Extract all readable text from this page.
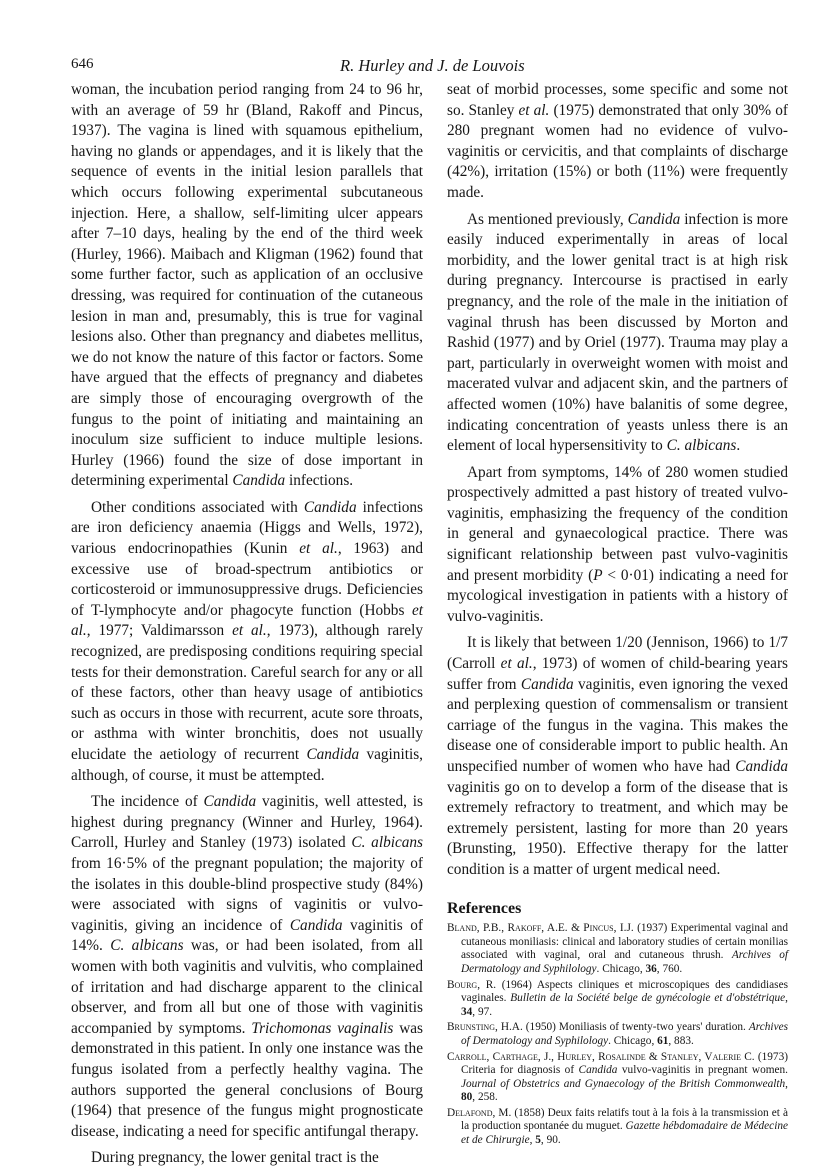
646	R. Hurley and J. de Louvois

woman, the incubation period ranging from 24 to 96 hr, with an average of 59 hr (Bland, Rakoff and Pincus, 1937). The vagina is lined with squamous epithelium, having no glands or appendages, and it is likely that the sequence of events in the initial lesion parallels that which occurs following experimental subcutaneous injection. Here, a shallow, self-limiting ulcer appears after 7–10 days, healing by the end of the third week (Hurley, 1966). Maibach and Kligman (1962) found that some further factor, such as application of an occlusive dressing, was required for continuation of the cutaneous lesion in man and, presumably, this is true for vaginal lesions also. Other than pregnancy and diabetes mellitus, we do not know the nature of this factor or factors. Some have argued that the effects of pregnancy and diabetes are simply those of encouraging overgrowth of the fungus to the point of initiating and maintaining an inoculum size sufficient to induce multiple lesions. Hurley (1966) found the size of dose important in determining experimental Candida infections.

Other conditions associated with Candida infections are iron deficiency anaemia (Higgs and Wells, 1972), various endocrinopathies (Kunin et al., 1963) and excessive use of broad-spectrum antibiotics or corticosteroid or immunosuppressive drugs. Deficiencies of T-lymphocyte and/or phagocyte function (Hobbs et al., 1977; Valdimarsson et al., 1973), although rarely recognized, are predisposing conditions requiring special tests for their demonstration. Careful search for any or all of these factors, other than heavy usage of antibiotics such as occurs in those with recurrent, acute sore throats, or asthma with winter bronchitis, does not usually elucidate the aetiology of recurrent Candida vaginitis, although, of course, it must be attempted.

The incidence of Candida vaginitis, well attested, is highest during pregnancy (Winner and Hurley, 1964). Carroll, Hurley and Stanley (1973) isolated C. albicans from 16·5% of the pregnant population; the majority of the isolates in this double-blind prospective study (84%) were associated with signs of vaginitis or vulvo-vaginitis, giving an incidence of Candida vaginitis of 14%. C. albicans was, or had been isolated, from all women with both vaginitis and vulvitis, who complained of irritation and had discharge apparent to the clinical observer, and from all but one of those with vaginitis accompanied by symptoms. Trichomonas vaginalis was demonstrated in this patient. In only one instance was the fungus isolated from a perfectly healthy vagina. The authors supported the general conclusions of Bourg (1964) that presence of the fungus might prognosticate disease, indicating a need for specific antifungal therapy.

During pregnancy, the lower genital tract is the

seat of morbid processes, some specific and some not so. Stanley et al. (1975) demonstrated that only 30% of 280 pregnant women had no evidence of vulvo-vaginitis or cervicitis, and that complaints of discharge (42%), irritation (15%) or both (11%) were frequently made.

As mentioned previously, Candida infection is more easily induced experimentally in areas of local morbidity, and the lower genital tract is at high risk during pregnancy. Intercourse is practised in early pregnancy, and the role of the male in the initiation of vaginal thrush has been discussed by Morton and Rashid (1977) and by Oriel (1977). Trauma may play a part, particularly in overweight women with moist and macerated vulvar and adjacent skin, and the partners of affected women (10%) have balanitis of some degree, indicating concentration of yeasts unless there is an element of local hypersensitivity to C. albicans.

Apart from symptoms, 14% of 280 women studied prospectively admitted a past history of treated vulvo-vaginitis, emphasizing the frequency of the condition in general and gynaecological practice. There was significant relationship between past vulvo-vaginitis and present morbidity (P < 0·01) indicating a need for mycological investigation in patients with a history of vulvo-vaginitis.

It is likely that between 1/20 (Jennison, 1966) to 1/7 (Carroll et al., 1973) of women of child-bearing years suffer from Candida vaginitis, even ignoring the vexed and perplexing question of commensalism or transient carriage of the fungus in the vagina. This makes the disease one of considerable import to public health. An unspecified number of women who have had Candida vaginitis go on to develop a form of the disease that is extremely refractory to treatment, and which may be extremely persistent, lasting for more than 20 years (Brunsting, 1950). Effective therapy for the latter condition is a matter of urgent medical need.

References
Bland, P.B., Rakoff, A.E. & Pincus, I.J. (1937) Experimental vaginal and cutaneous moniliasis: clinical and laboratory studies of certain monilias associated with vaginal, oral and cutaneous thrush. Archives of Dermatology and Syphilology. Chicago, 36, 760.
Bourg, R. (1964) Aspects cliniques et microscopiques des candidiases vaginales. Bulletin de la Société belge de gynécologie et d'obstétrique, 34, 97.
Brunsting, H.A. (1950) Moniliasis of twenty-two years' duration. Archives of Dermatology and Syphilology. Chicago, 61, 883.
Carroll, Carthage, J., Hurley, Rosalinde & Stanley, Valerie C. (1973) Criteria for diagnosis of Candida vulvo-vaginitis in pregnant women. Journal of Obstetrics and Gynaecology of the British Commonwealth, 80, 258.
Delafond, M. (1858) Deux faits relatifs tout à la fois à la transmission et à la production spontanée du muguet. Gazette hébdomadaire de Médecine et de Chirurgie, 5, 90.
